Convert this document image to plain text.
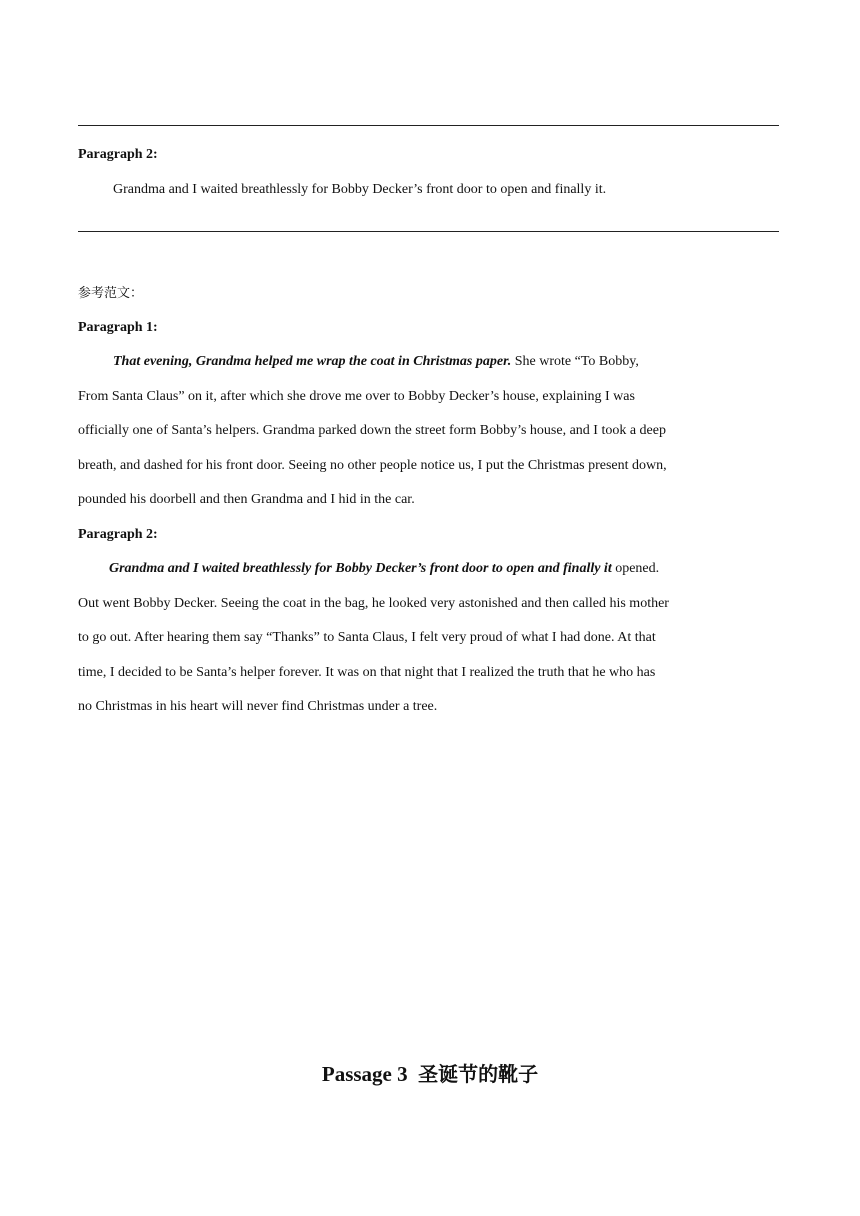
Paragraph 2:
Grandma and I waited breathlessly for Bobby Decker’s front door to open and finally it.
参考范文：
Paragraph 1:
That evening, Grandma helped me wrap the coat in Christmas paper. She wrote “To Bobby,
From Santa Claus” on it, after which she drove me over to Bobby Decker’s house, explaining I was
officially one of Santa’s helpers. Grandma parked down the street form Bobby’s house, and I took a deep
breath, and dashed for his front door. Seeing no other people notice us, I put the Christmas present down,
pounded his doorbell and then Grandma and I hid in the car.
Paragraph 2:
Grandma and I waited breathlessly for Bobby Decker’s front door to open and finally it opened.
Out went Bobby Decker. Seeing the coat in the bag, he looked very astonished and then called his mother
to go out. After hearing them say “Thanks” to Santa Claus, I felt very proud of what I had done. At that
time, I decided to be Santa’s helper forever. It was on that night that I realized the truth that he who has
no Christmas in his heart will never find Christmas under a tree.
Passage 3 圣诞节的靴子
